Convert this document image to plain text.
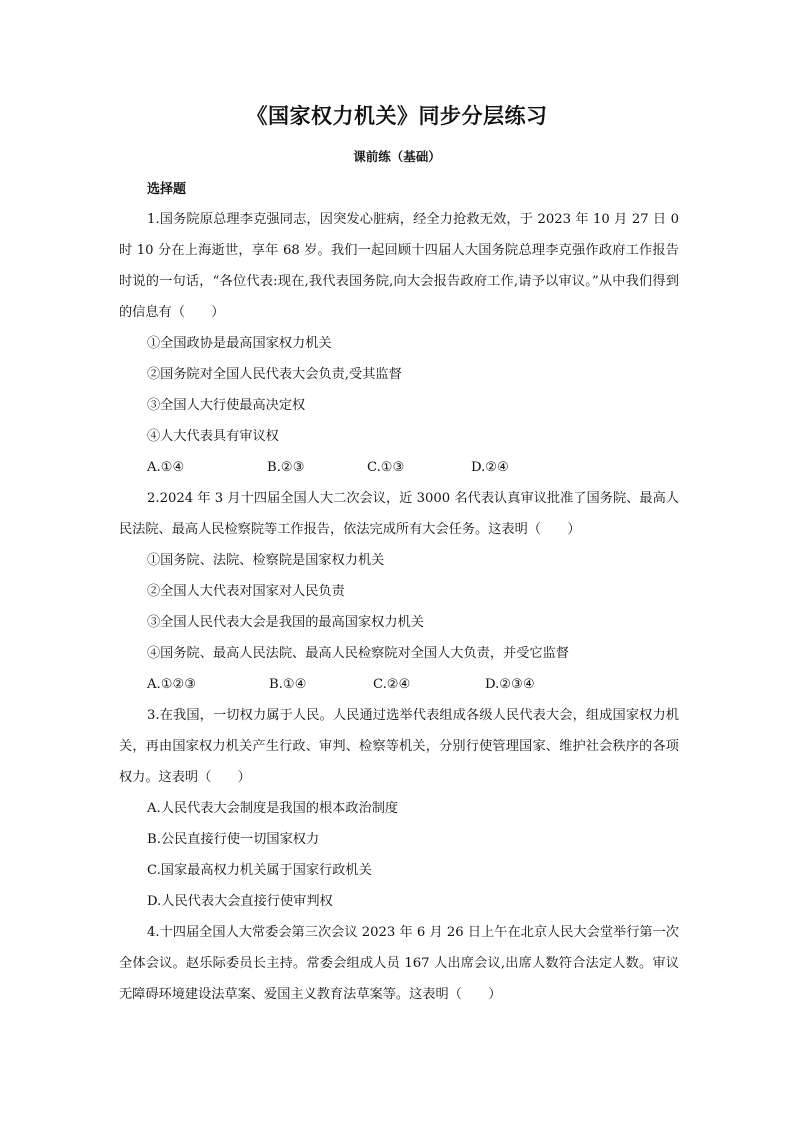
《国家权力机关》同步分层练习
课前练（基础）
选择题

1.国务院原总理李克强同志，因突发心脏病，经全力抢救无效，于 2023 年 10 月 27 日 0 时 10 分在上海逝世，享年 68 岁。我们一起回顾十四届人大国务院总理李克强作政府工作报告时说的一句话，“各位代表:现在,我代表国务院,向大会报告政府工作,请予以审议。”从中我们得到的信息有（　　）

①全国政协是最高国家权力机关

②国务院对全国人民代表大会负责,受其监督

③全国人大行使最高决定权

④人大代表具有审议权

A.①④	B.②③	C.①③	D.②④

2.2024 年 3 月十四届全国人大二次会议，近 3000 名代表认真审议批准了国务院、最高人民法院、最高人民检察院等工作报告，依法完成所有大会任务。这表明（　　）

①国务院、法院、检察院是国家权力机关

②全国人大代表对国家对人民负责

③全国人民代表大会是我国的最高国家权力机关

④国务院、最高人民法院、最高人民检察院对全国人大负责，并受它监督

A.①②③	B.①④	C.②④	D.②③④

3.在我国，一切权力属于人民。人民通过选举代表组成各级人民代表大会，组成国家权力机关，再由国家权力机关产生行政、审判、检察等机关，分别行使管理国家、维护社会秩序的各项权力。这表明（　　）

A.人民代表大会制度是我国的根本政治制度

B.公民直接行使一切国家权力

C.国家最高权力机关属于国家行政机关

D.人民代表大会直接行使审判权

4.十四届全国人大常委会第三次会议 2023 年 6 月 26 日上午在北京人民大会堂举行第一次全体会议。赵乐际委员长主持。常委会组成人员 167 人出席会议,出席人数符合法定人数。审议无障碍环境建设法草案、爱国主义教育法草案等。这表明（　　）
